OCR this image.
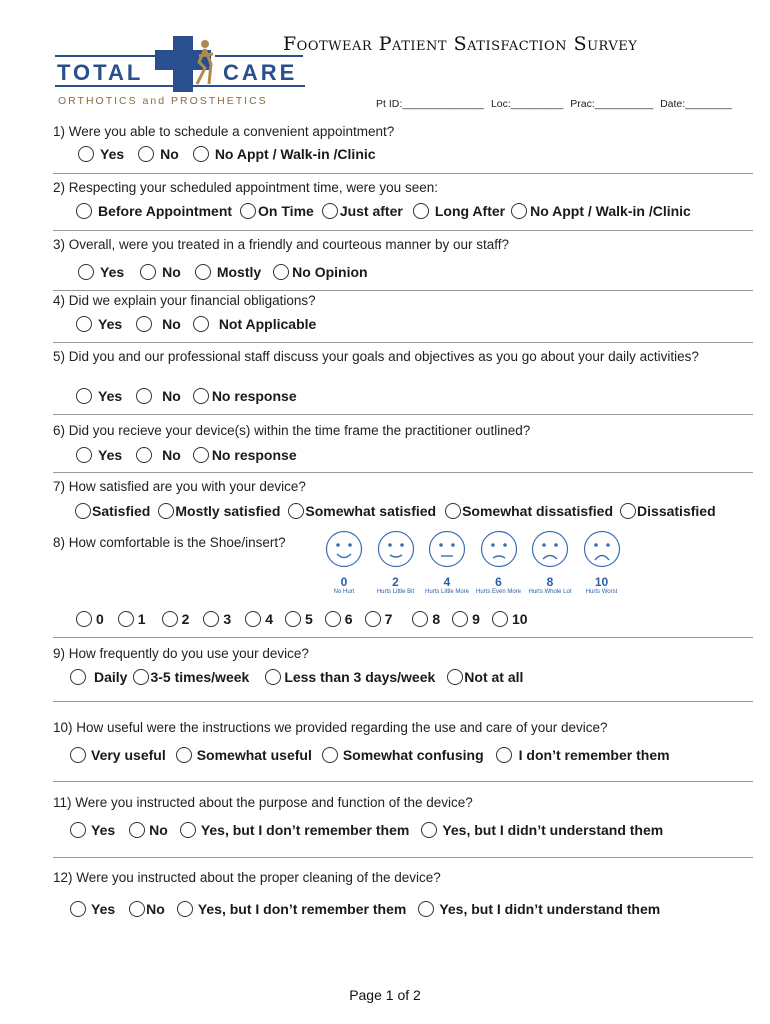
TOTAL	CARE
ORTHOTICS and PROSTHETICS
Footwear Patient Satisfaction Survey
Pt ID:______________ Loc:_________ Prac:__________ Date:________
1) Were you able to schedule a convenient appointment?
Yes	No	No Appt / Walk-in /Clinic
2) Respecting your scheduled appointment time, were you seen:
Before Appointment On Time Just after Long After No Appt / Walk-in /Clinic
3) Overall, were you treated in a friendly and courteous manner by our staff?
Yes	No	Mostly No Opinion
4) Did we explain your financial obligations?
Yes	No	Not Applicable
5) Did you and our professional staff discuss your goals and objectives as you go about your daily activities?
Yes	No No response
6) Did you recieve your device(s) within the time frame the practitioner outlined?
Yes	No No response
7) How satisfied are you with your device?
Satisfied Mostly satisfied Somewhat satisfied Somewhat dissatisfied Dissatisfied
8) How comfortable is the Shoe/insert?
0
No Hurt
2
Hurts Little Bit
4
Hurts Little More
6
Hurts Even More
8
Hurts Whole Lot
10
Hurts Worst
0 1	2 3 4 5 6 7	8 9 10
9) How frequently do you use your device?
Daily 3-5 times/week	Less than 3 days/week Not at all
10) How useful were the instructions we provided regarding the use and care of your device?
Very useful Somewhat useful Somewhat confusing	I don’t remember them
11) Were you instructed about the purpose and function of the device?
Yes No Yes, but I don’t remember them Yes, but I didn’t understand them
12) Were you instructed about the proper cleaning of the device?
Yes No Yes, but I don’t remember them Yes, but I didn’t understand them
Page 1 of 2
